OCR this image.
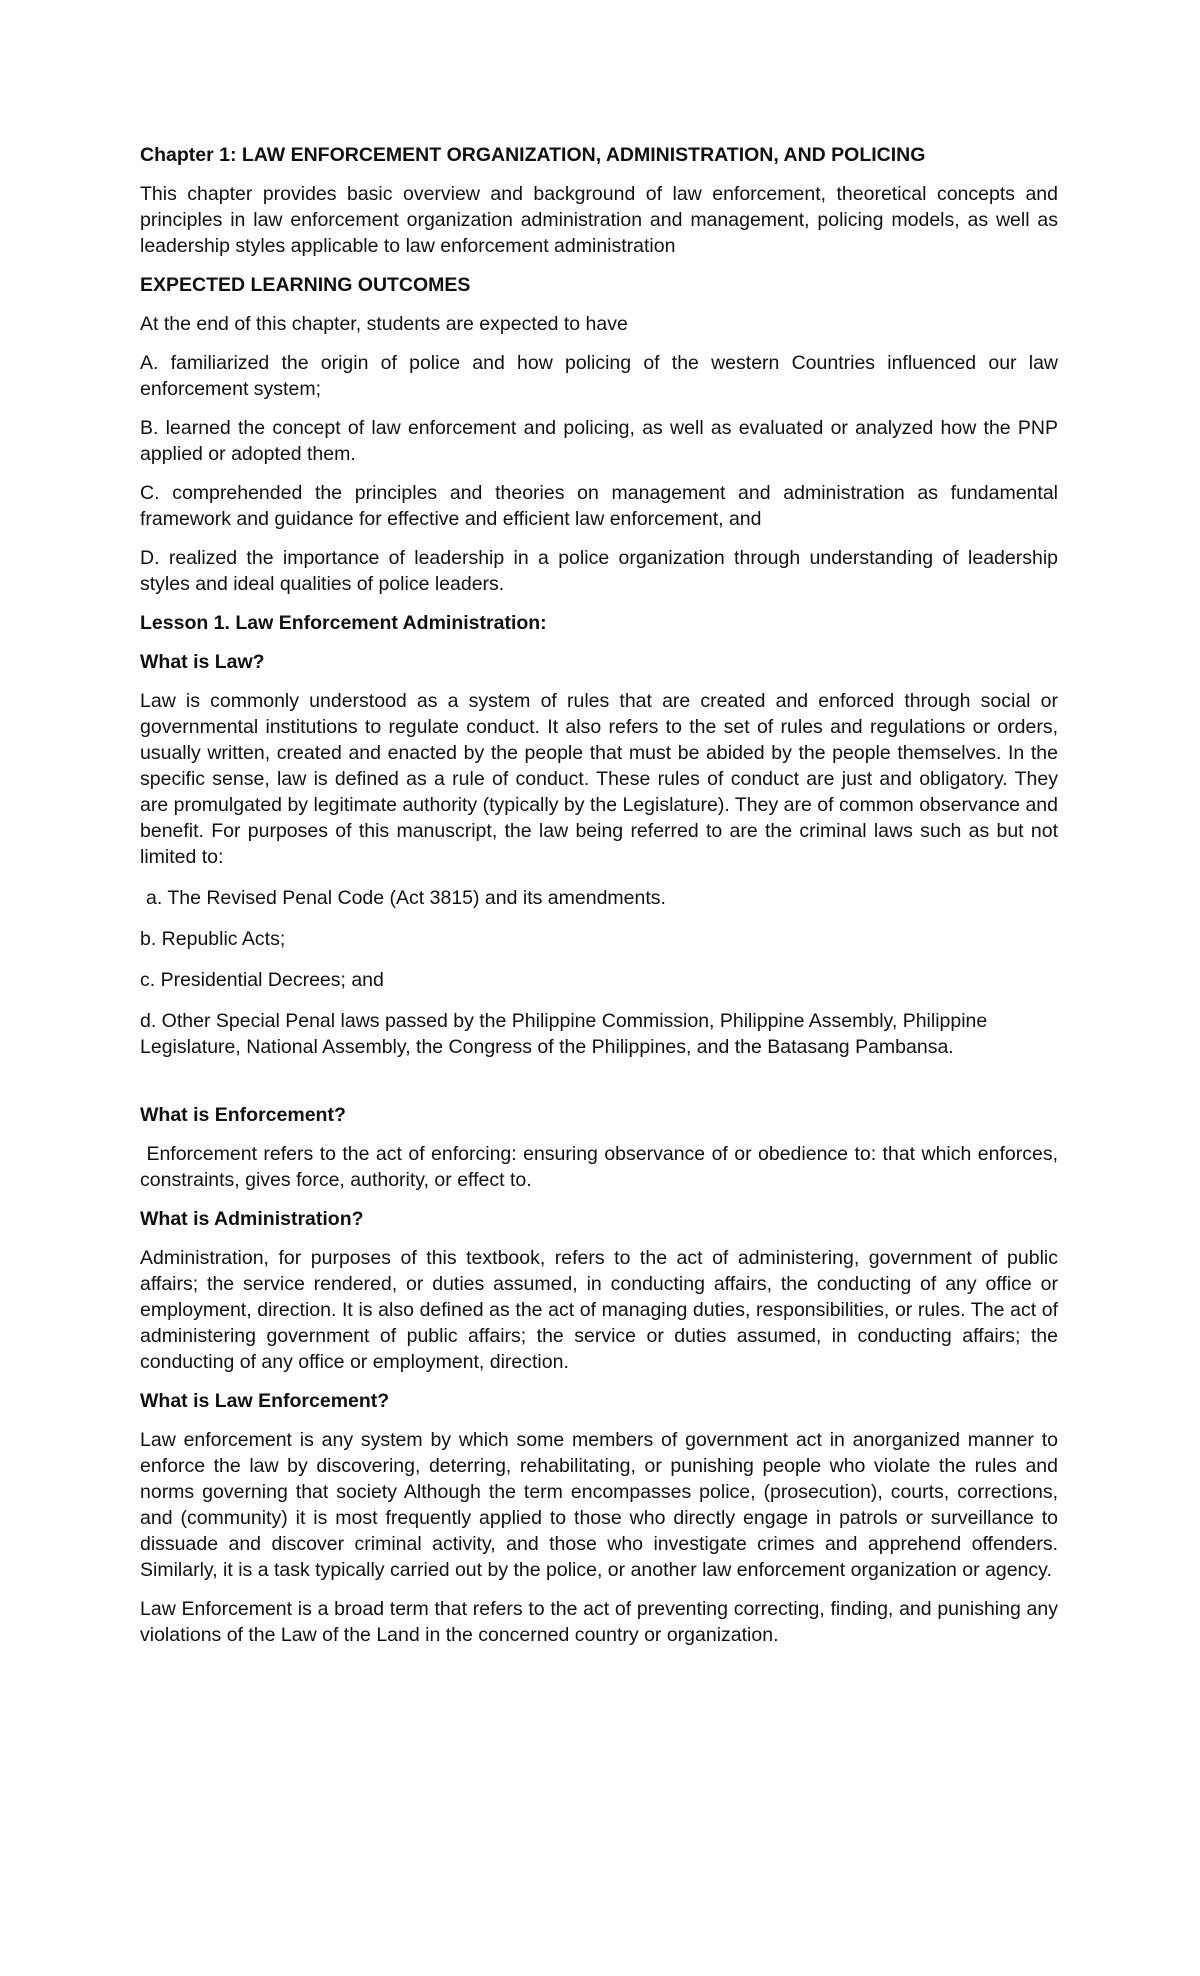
Chapter 1: LAW ENFORCEMENT ORGANIZATION, ADMINISTRATION, AND POLICING

This chapter provides basic overview and background of law enforcement, theoretical concepts and principles in law enforcement organization administration and management, policing models, as well as leadership styles applicable to law enforcement administration

EXPECTED LEARNING OUTCOMES

At the end of this chapter, students are expected to have

A. familiarized the origin of police and how policing of the western Countries influenced our law enforcement system;

B. learned the concept of law enforcement and policing, as well as evaluated or analyzed how the PNP applied or adopted them.

C. comprehended the principles and theories on management and administration as fundamental framework and guidance for effective and efficient law enforcement, and

D. realized the importance of leadership in a police organization through understanding of leadership styles and ideal qualities of police leaders.

Lesson 1. Law Enforcement Administration:
What is Law?

Law is commonly understood as a system of rules that are created and enforced through social or governmental institutions to regulate conduct. It also refers to the set of rules and regulations or orders, usually written, created and enacted by the people that must be abided by the people themselves. In the specific sense, law is defined as a rule of conduct. These rules of conduct are just and obligatory. They are promulgated by legitimate authority (typically by the Legislature). They are of common observance and benefit. For purposes of this manuscript, the law being referred to are the criminal laws such as but not limited to:

a. The Revised Penal Code (Act 3815) and its amendments.

b. Republic Acts;

c. Presidential Decrees; and

d. Other Special Penal laws passed by the Philippine Commission, Philippine Assembly, Philippine Legislature, National Assembly, the Congress of the Philippines, and the Batasang Pambansa.

What is Enforcement?

Enforcement refers to the act of enforcing: ensuring observance of or obedience to: that which enforces, constraints, gives force, authority, or effect to.

What is Administration?

Administration, for purposes of this textbook, refers to the act of administering, government of public affairs; the service rendered, or duties assumed, in conducting affairs, the conducting of any office or employment, direction. It is also defined as the act of managing duties, responsibilities, or rules. The act of administering government of public affairs; the service or duties assumed, in conducting affairs; the conducting of any office or employment, direction.

What is Law Enforcement?

Law enforcement is any system by which some members of government act in anorganized manner to enforce the law by discovering, deterring, rehabilitating, or punishing people who violate the rules and norms governing that society Although the term encompasses police, (prosecution), courts, corrections, and (community) it is most frequently applied to those who directly engage in patrols or surveillance to dissuade and discover criminal activity, and those who investigate crimes and apprehend offenders. Similarly, it is a task typically carried out by the police, or another law enforcement organization or agency.

Law Enforcement is a broad term that refers to the act of preventing correcting, finding, and punishing any violations of the Law of the Land in the concerned country or organization.
